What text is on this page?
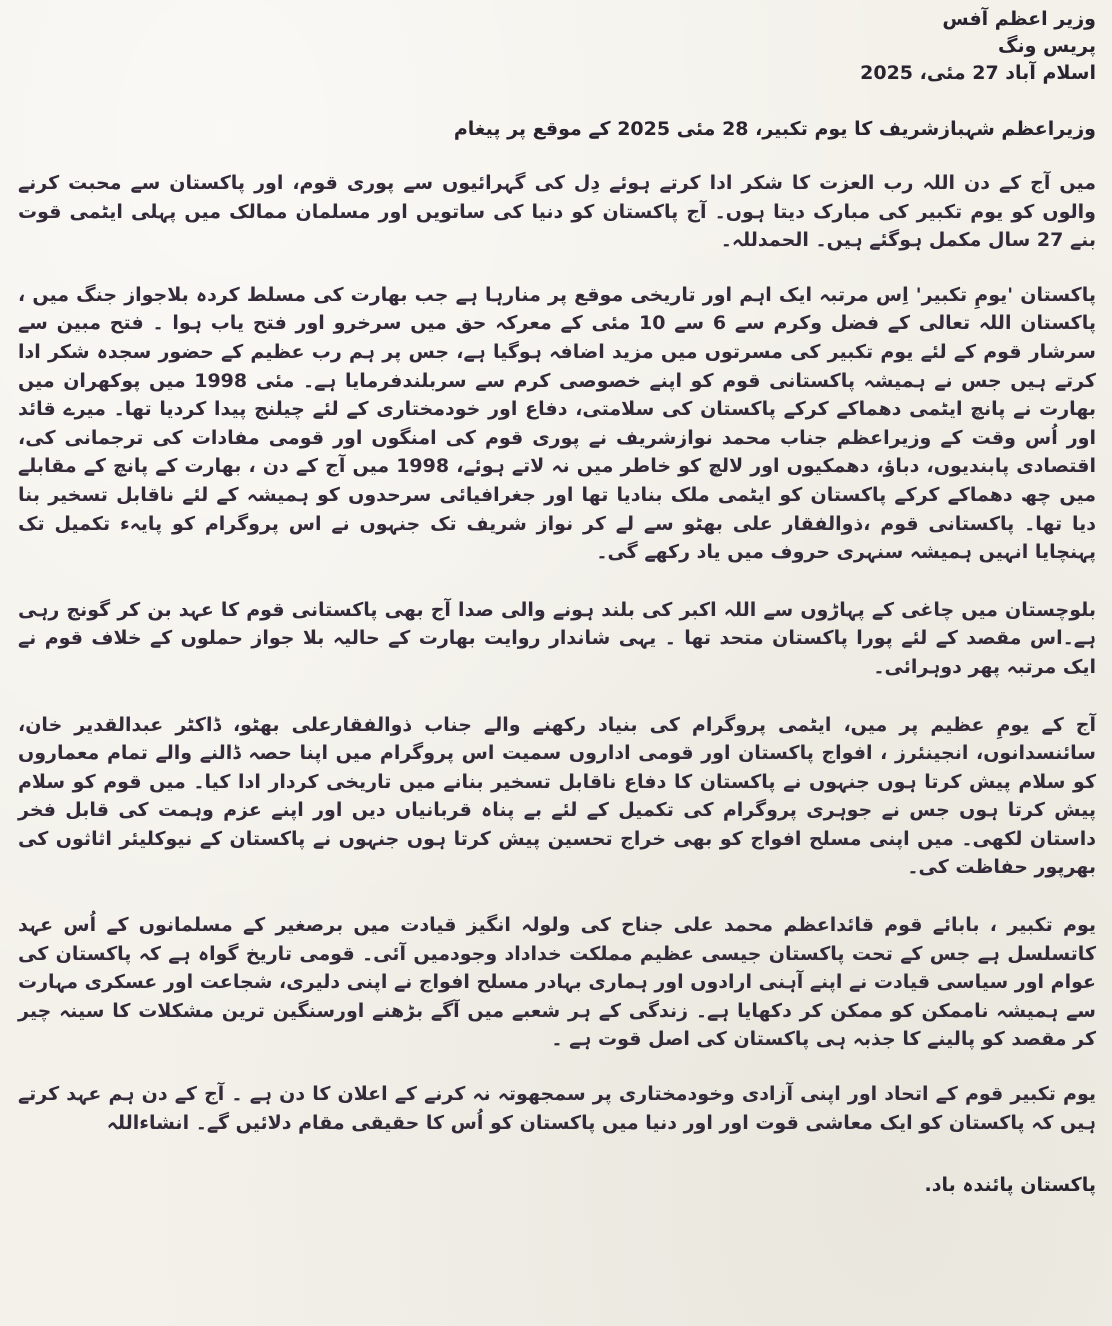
وزیر اعظم آفس
پریس ونگ
اسلام آباد 27 مئی، 2025
وزیراعظم شہبازشریف کا یوم تکبیر، 28 مئی 2025 کے موقع پر پیغام

میں آج کے دن اللہ رب العزت کا شکر ادا کرتے ہوئے دِل کی گہرائیوں سے پوری قوم، اور پاکستان سے محبت کرنے والوں کو یوم تکبیر کی مبارک دیتا ہوں۔ آج پاکستان کو دنیا کی ساتویں اور مسلمان ممالک میں پہلی ایٹمی قوت بنے 27 سال مکمل ہوگئے ہیں۔ الحمدللہ۔

پاکستان 'یومِ تکبیر' اِس مرتبہ ایک اہم اور تاریخی موقع پر منارہا ہے جب بھارت کی مسلط کردہ بلاجواز جنگ میں ، پاکستان اللہ تعالی کے فضل وکرم سے 6 سے 10 مئی کے معرکہ حق میں سرخرو اور فتح یاب ہوا ۔ فتح مبین سے سرشار قوم کے لئے یوم تکبیر کی مسرتوں میں مزید اضافہ ہوگیا ہے، جس پر ہم رب عظیم کے حضور سجدہ شکر ادا کرتے ہیں جس نے ہمیشہ پاکستانی قوم کو اپنے خصوصی کرم سے سربلندفرمایا ہے۔ مئی 1998 میں پوکھران میں بھارت نے پانچ ایٹمی دھماکے کرکے پاکستان کی سلامتی، دفاع اور خودمختاری کے لئے چیلنج پیدا کردیا تھا۔ میرے قائد اور اُس وقت کے وزیراعظم جناب محمد نوازشریف نے پوری قوم کی امنگوں اور قومی مفادات کی ترجمانی کی، اقتصادی پابندیوں، دباؤ، دھمکیوں اور لالچ کو خاطر میں نہ لاتے ہوئے، 1998 میں آج کے دن ، بھارت کے پانچ کے مقابلے میں چھ دھماکے کرکے پاکستان کو ایٹمی ملک بنادیا تھا اور جغرافیائی سرحدوں کو ہمیشہ کے لئے ناقابل تسخیر بنا دیا تھا۔ پاکستانی قوم ،ذوالفقار علی بھٹو سے لے کر نواز شریف تک جنہوں نے اس پروگرام کو پایہء تکمیل تک پہنچایا انہیں ہمیشہ سنہری حروف میں یاد رکھے گی۔

بلوچستان میں چاغی کے پہاڑوں سے اللہ اکبر کی بلند ہونے والی صدا آج بھی پاکستانی قوم کا عہد بن کر گونج رہی ہے۔اس مقصد کے لئے پورا پاکستان متحد تھا ۔ یہی شاندار روایت بھارت کے حالیہ بلا جواز حملوں کے خلاف قوم نے ایک مرتبہ پھر دوہرائی۔

آج کے یومِ عظیم پر میں، ایٹمی پروگرام کی بنیاد رکھنے والے جناب ذوالفقارعلی بھٹو، ڈاکٹر عبدالقدیر خان، سائنسدانوں، انجینئرز ، افواج پاکستان اور قومی اداروں سمیت اس پروگرام میں اپنا حصہ ڈالنے والے تمام معماروں کو سلام پیش کرتا ہوں جنہوں نے پاکستان کا دفاع ناقابل تسخیر بنانے میں تاریخی کردار ادا کیا۔ میں قوم کو سلام پیش کرتا ہوں جس نے جوہری پروگرام کی تکمیل کے لئے بے پناہ قربانیاں دیں اور اپنے عزم وہمت کی قابل فخر داستان لکھی۔ میں اپنی مسلح افواج کو بھی خراج تحسین پیش کرتا ہوں جنہوں نے پاکستان کے نیوکلیئر اثاثوں کی بھرپور حفاظت کی۔

یوم تکبیر ، بابائے قوم قائداعظم محمد علی جناح کی ولولہ انگیز قیادت میں برصغیر کے مسلمانوں کے اُس عہد کاتسلسل ہے جس کے تحت پاکستان جیسی عظیم مملکت خداداد وجودمیں آئی۔ قومی تاریخ گواہ ہے کہ پاکستان کی عوام اور سیاسی قیادت نے اپنے آہنی ارادوں اور ہماری بہادر مسلح افواج نے اپنی دلیری، شجاعت اور عسکری مہارت سے ہمیشہ ناممکن کو ممکن کر دکھایا ہے۔ زندگی کے ہر شعبے میں آگے بڑھنے اورسنگین ترین مشکلات کا سینہ چیر کر مقصد کو پالینے کا جذبہ ہی پاکستان کی اصل قوت ہے ۔

یوم تکبیر قوم کے اتحاد اور اپنی آزادی وخودمختاری پر سمجھوتہ نہ کرنے کے اعلان کا دن ہے ۔ آج کے دن ہم عہد کرتے ہیں کہ پاکستان کو ایک معاشی قوت اور اور دنیا میں پاکستان کو اُس کا حقیقی مقام دلائیں گے۔ انشاءاللہ

پاکستان پائندہ باد.
